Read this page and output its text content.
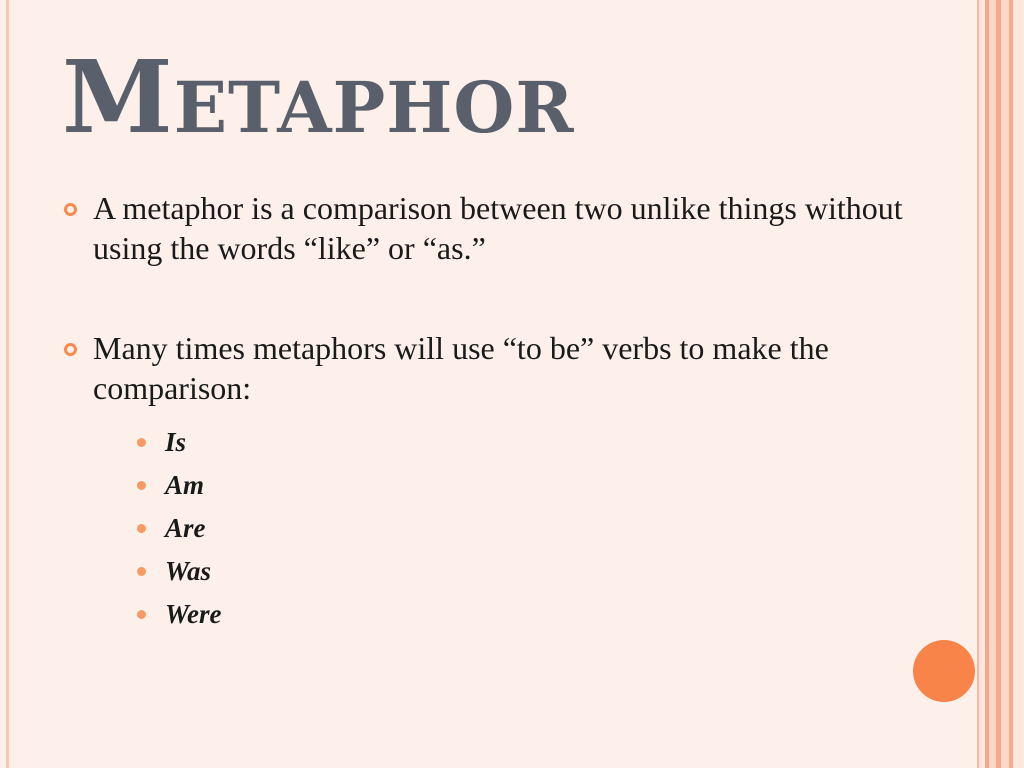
Metaphor
A metaphor is a comparison between two unlike things without using the words “like” or “as.”
Many times metaphors will use “to be” verbs to make the comparison:
Is
Am
Are
Was
Were
